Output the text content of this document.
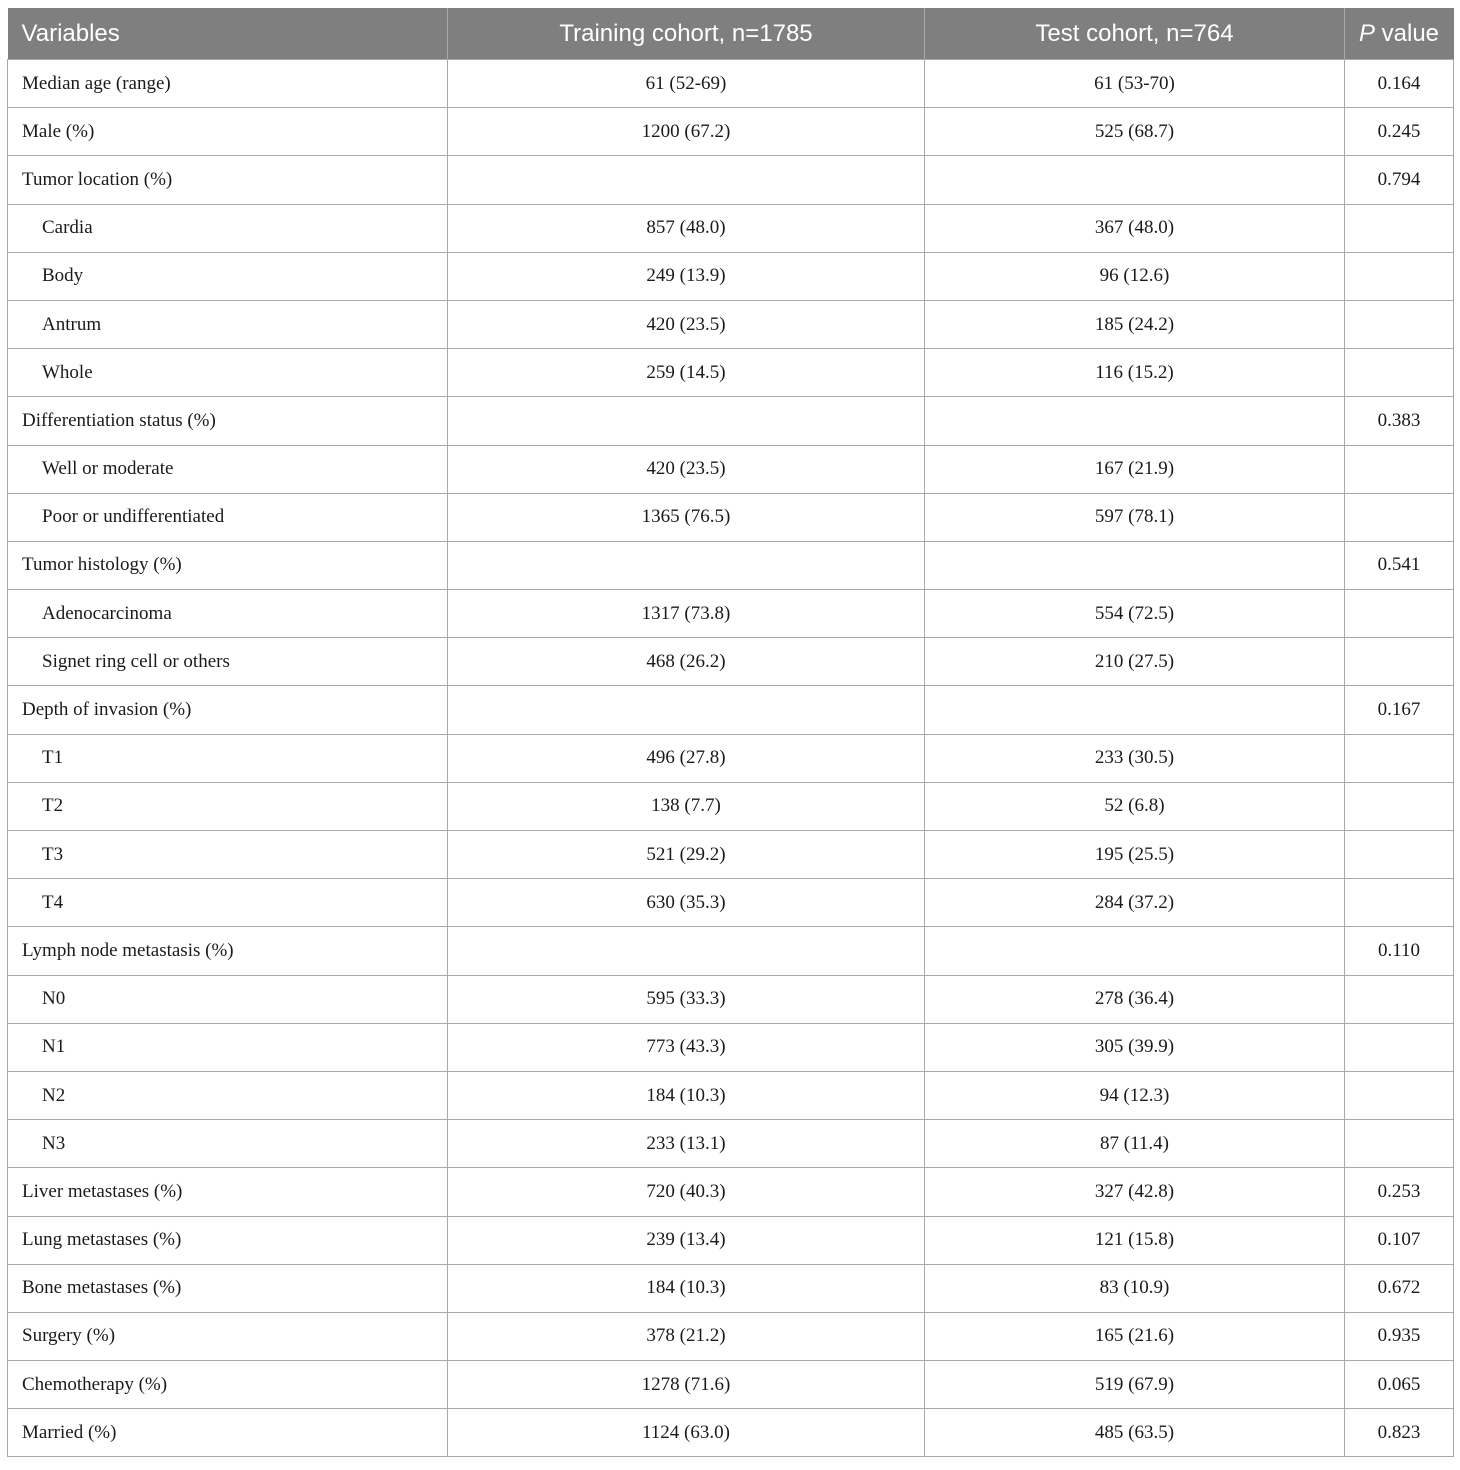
Variables	Training cohort, n=1785	Test cohort, n=764	P value
Median age (range)	61 (52-69)	61 (53-70)	0.164
Male (%)	1200 (67.2)	525 (68.7)	0.245
Tumor location (%)			0.794
Cardia	857 (48.0)	367 (48.0)	
Body	249 (13.9)	96 (12.6)	
Antrum	420 (23.5)	185 (24.2)	
Whole	259 (14.5)	116 (15.2)	
Differentiation status (%)			0.383
Well or moderate	420 (23.5)	167 (21.9)	
Poor or undifferentiated	1365 (76.5)	597 (78.1)	
Tumor histology (%)			0.541
Adenocarcinoma	1317 (73.8)	554 (72.5)	
Signet ring cell or others	468 (26.2)	210 (27.5)	
Depth of invasion (%)			0.167
T1	496 (27.8)	233 (30.5)	
T2	138 (7.7)	52 (6.8)	
T3	521 (29.2)	195 (25.5)	
T4	630 (35.3)	284 (37.2)	
Lymph node metastasis (%)			0.110
N0	595 (33.3)	278 (36.4)	
N1	773 (43.3)	305 (39.9)	
N2	184 (10.3)	94 (12.3)	
N3	233 (13.1)	87 (11.4)	
Liver metastases (%)	720 (40.3)	327 (42.8)	0.253
Lung metastases (%)	239 (13.4)	121 (15.8)	0.107
Bone metastases (%)	184 (10.3)	83 (10.9)	0.672
Surgery (%)	378 (21.2)	165 (21.6)	0.935
Chemotherapy (%)	1278 (71.6)	519 (67.9)	0.065
Married (%)	1124 (63.0)	485 (63.5)	0.823
